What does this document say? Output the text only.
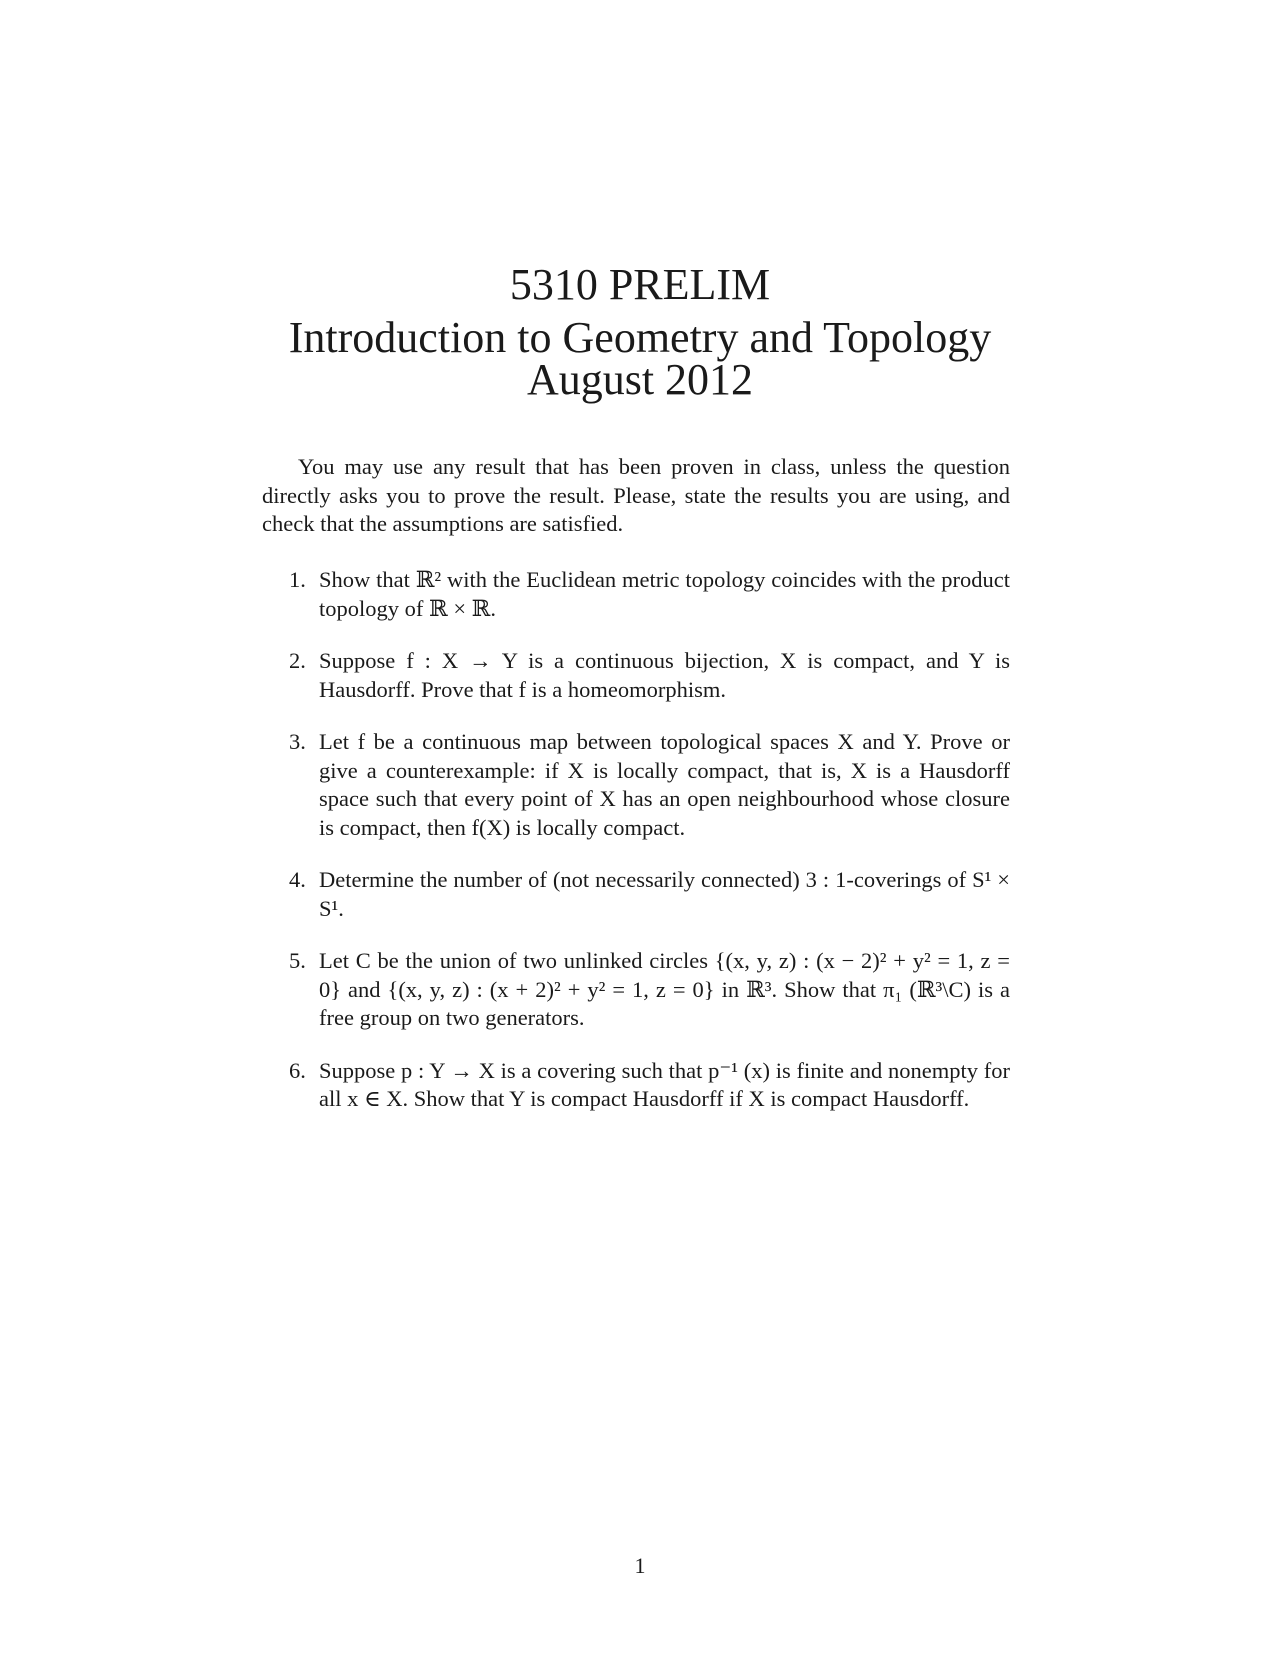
5310 PRELIM
Introduction to Geometry and Topology
August 2012

You may use any result that has been proven in class, unless the question directly asks you to prove the result. Please, state the results you are using, and check that the assumptions are satisfied.

1. Show that ℝ² with the Euclidean metric topology coincides with the product topology of ℝ × ℝ.
2. Suppose f : X → Y is a continuous bijection, X is compact, and Y is Hausdorff. Prove that f is a homeomorphism.
3. Let f be a continuous map between topological spaces X and Y. Prove or give a counterexample: if X is locally compact, that is, X is a Hausdorff space such that every point of X has an open neighbourhood whose closure is compact, then f(X) is locally compact.
4. Determine the number of (not necessarily connected) 3 : 1-coverings of S¹ × S¹.
5. Let C be the union of two unlinked circles {(x, y, z) : (x − 2)² + y² = 1, z = 0} and {(x, y, z) : (x + 2)² + y² = 1, z = 0} in ℝ³. Show that π₁ (ℝ³\C) is a free group on two generators.
6. Suppose p : Y → X is a covering such that p⁻¹ (x) is finite and nonempty for all x ∈ X. Show that Y is compact Hausdorff if X is compact Hausdorff.
1
